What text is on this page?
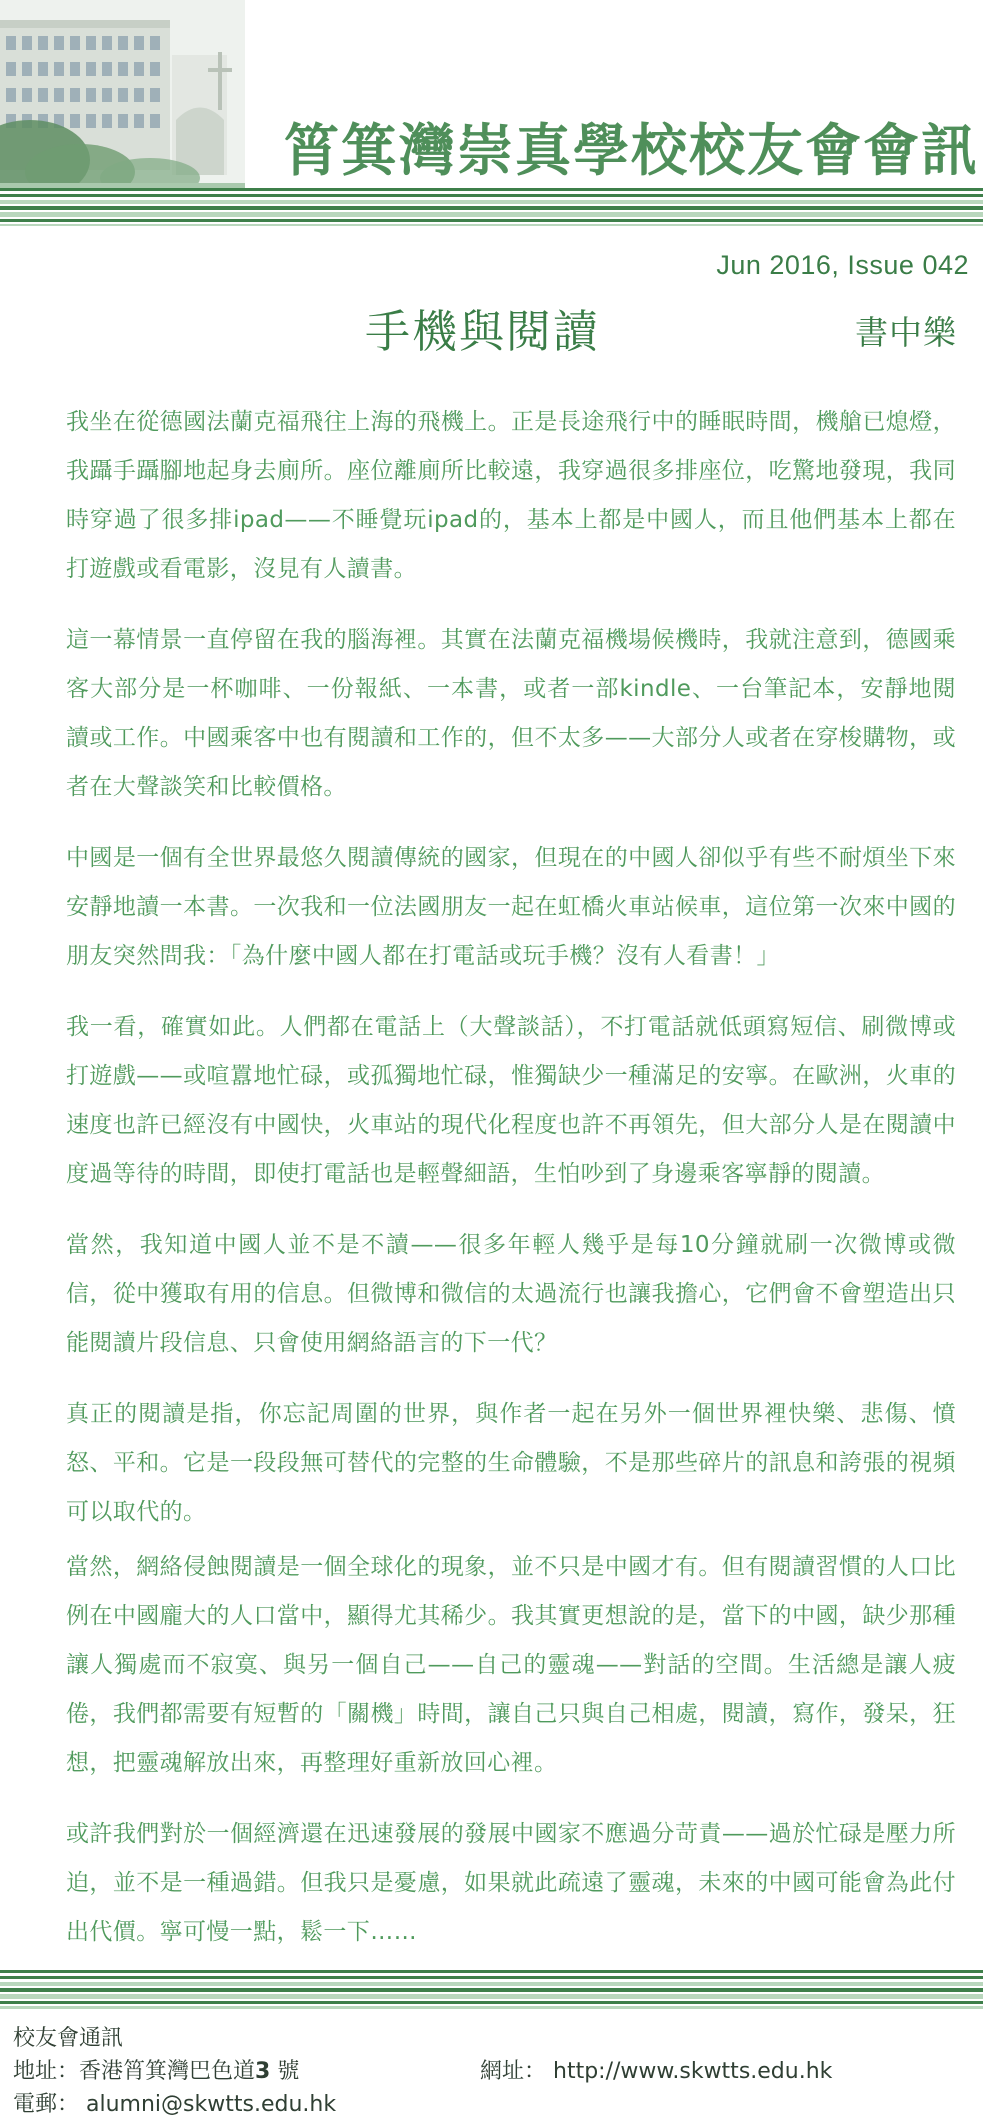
筲箕灣崇真學校校友會會訊
Jun 2016, Issue 042
手機與閱讀	書中樂

我坐在從德國法蘭克福飛往上海的飛機上。正是長途飛行中的睡眠時間，機艙已熄燈，我躡手躡腳地起身去廁所。座位離廁所比較遠，我穿過很多排座位，吃驚地發現，我同時穿過了很多排ipad——不睡覺玩ipad的，基本上都是中國人，而且他們基本上都在打遊戲或看電影，沒見有人讀書。

這一幕情景一直停留在我的腦海裡。其實在法蘭克福機場候機時，我就注意到，德國乘客大部分是一杯咖啡、一份報紙、一本書，或者一部kindle、一台筆記本，安靜地閱讀或工作。中國乘客中也有閱讀和工作的，但不太多——大部分人或者在穿梭購物，或者在大聲談笑和比較價格。

中國是一個有全世界最悠久閱讀傳統的國家，但現在的中國人卻似乎有些不耐煩坐下來安靜地讀一本書。一次我和一位法國朋友一起在虹橋火車站候車，這位第一次來中國的朋友突然問我：「為什麼中國人都在打電話或玩手機？沒有人看書！」

我一看，確實如此。人們都在電話上（大聲談話），不打電話就低頭寫短信、刷微博或打遊戲——或喧囂地忙碌，或孤獨地忙碌，惟獨缺少一種滿足的安寧。在歐洲，火車的速度也許已經沒有中國快，火車站的現代化程度也許不再領先，但大部分人是在閱讀中度過等待的時間，即使打電話也是輕聲細語，生怕吵到了身邊乘客寧靜的閱讀。

當然，我知道中國人並不是不讀——很多年輕人幾乎是每10分鐘就刷一次微博或微信，從中獲取有用的信息。但微博和微信的太過流行也讓我擔心，它們會不會塑造出只能閱讀片段信息、只會使用網絡語言的下一代？

真正的閱讀是指，你忘記周圍的世界，與作者一起在另外一個世界裡快樂、悲傷、憤怒、平和。它是一段段無可替代的完整的生命體驗，不是那些碎片的訊息和誇張的視頻可以取代的。

當然，網絡侵蝕閱讀是一個全球化的現象，並不只是中國才有。但有閱讀習慣的人口比例在中國龐大的人口當中，顯得尤其稀少。我其實更想說的是，當下的中國，缺少那種讓人獨處而不寂寞、與另一個自己——自己的靈魂——對話的空間。生活總是讓人疲倦，我們都需要有短暫的「關機」時間，讓自己只與自己相處，閱讀，寫作，發呆，狂想，把靈魂解放出來，再整理好重新放回心裡。

或許我們對於一個經濟還在迅速發展的發展中國家不應過分苛責——過於忙碌是壓力所迫，並不是一種過錯。但我只是憂慮，如果就此疏遠了靈魂，未來的中國可能會為此付出代價。寧可慢一點，鬆一下……

校友會通訊
地址：香港筲箕灣巴色道3 號	網址： http://www.skwtts.edu.hk
電郵： alumni@skwtts.edu.hk
